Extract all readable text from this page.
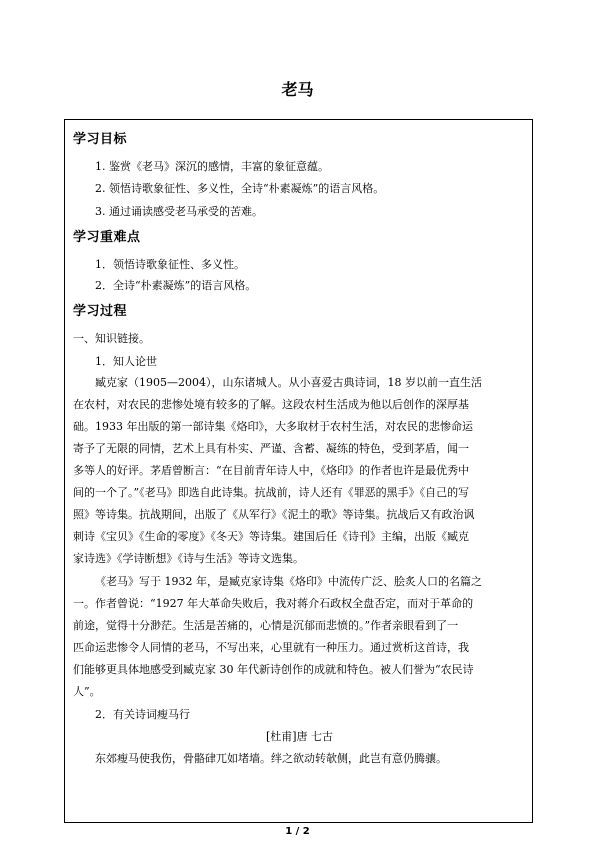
老马
学习目标
1. 鉴赏《老马》深沉的感情，丰富的象征意蕴。
2. 领悟诗歌象征性、多义性，全诗“朴素凝炼”的语言风格。
3. 通过诵读感受老马承受的苦难。
学习重难点
1．领悟诗歌象征性、多义性。
2．全诗“朴素凝炼”的语言风格。
学习过程
一、知识链接。
1．知人论世
臧克家（1905—2004），山东诸城人。从小喜爱古典诗词，18 岁以前一直生活
在农村，对农民的悲惨处境有较多的了解。这段农村生活成为他以后创作的深厚基
础。1933 年出版的第一部诗集《烙印》，大多取材于农村生活，对农民的悲惨命运
寄予了无限的同情，艺术上具有朴实、严谨、含蓄、凝练的特色，受到茅盾，闻一
多等人的好评。茅盾曾断言：“在目前青年诗人中，《烙印》的作者也许是最优秀中
间的一个了。”《老马》即选自此诗集。抗战前，诗人还有《罪恶的黑手》《自己的写
照》等诗集。抗战期间，出版了《从军行》《泥土的歌》等诗集。抗战后又有政治讽
刺诗《宝贝》《生命的零度》《冬天》等诗集。建国后任《诗刊》主编，出版《臧克
家诗选》《学诗断想》《诗与生活》等诗文选集。
《老马》写于 1932 年，是臧克家诗集《烙印》中流传广泛、脍炙人口的名篇之
一。作者曾说：“1927 年大革命失败后，我对蒋介石政权全盘否定，而对于革命的
前途，觉得十分渺茫。生活是苦痛的，心情是沉郁而悲愤的。”作者亲眼看到了一
匹命运悲惨令人同情的老马，不写出来，心里就有一种压力。通过赏析这首诗，我
们能够更具体地感受到臧克家 30 年代新诗创作的成就和特色。被人们誉为“农民诗
人”。
2．有关诗词瘦马行
[杜甫]唐 七古
东郊瘦马使我伤，骨骼硉兀如堵墙。绊之欲动转欹侧，此岂有意仍腾骧。
1 / 2
